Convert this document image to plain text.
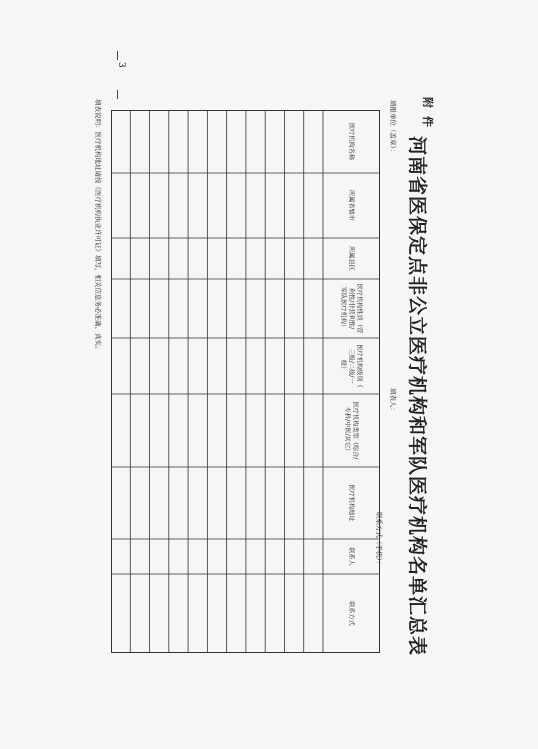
附件
河南省医保定点非公立医疗机构和军队医疗机构名单汇总表
填报单位（盖章）：
填表人：
联系方式（手机）：
填表说明：医疗机构地址请按《医疗机构执业许可证》填写，相关信息务必准确、真实。
3
医疗机构名称
所属省辖市
所属县区
医疗机构性质（营
利性/非营利性/
军队医疗机构）
医疗机构级别（
三级/二级/一
级）
医疗机构类型（综合/
专科/中医/其它）
医疗机构地址
联系人
联系方式
